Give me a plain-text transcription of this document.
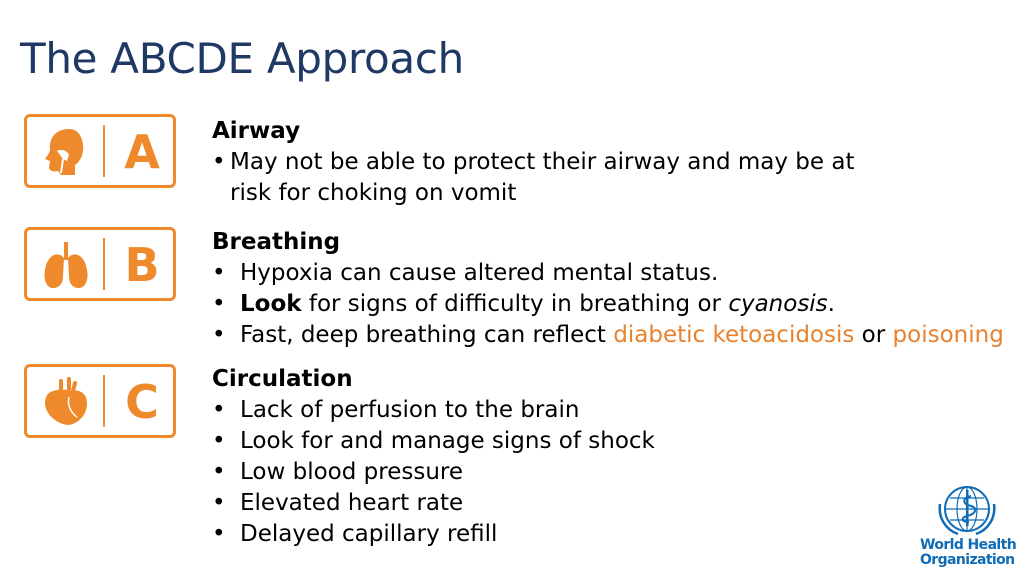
The ABCDE Approach
A	Airway
• May not be able to protect their airway and may be at risk for choking on vomit
B	Breathing
• Hypoxia can cause altered mental status.
• Look for signs of difficulty in breathing or cyanosis.
• Fast, deep breathing can reflect diabetic ketoacidosis or poisoning
C	Circulation
• Lack of perfusion to the brain
• Look for and manage signs of shock
• Low blood pressure
• Elevated heart rate
• Delayed capillary refill	World Health
Organization
